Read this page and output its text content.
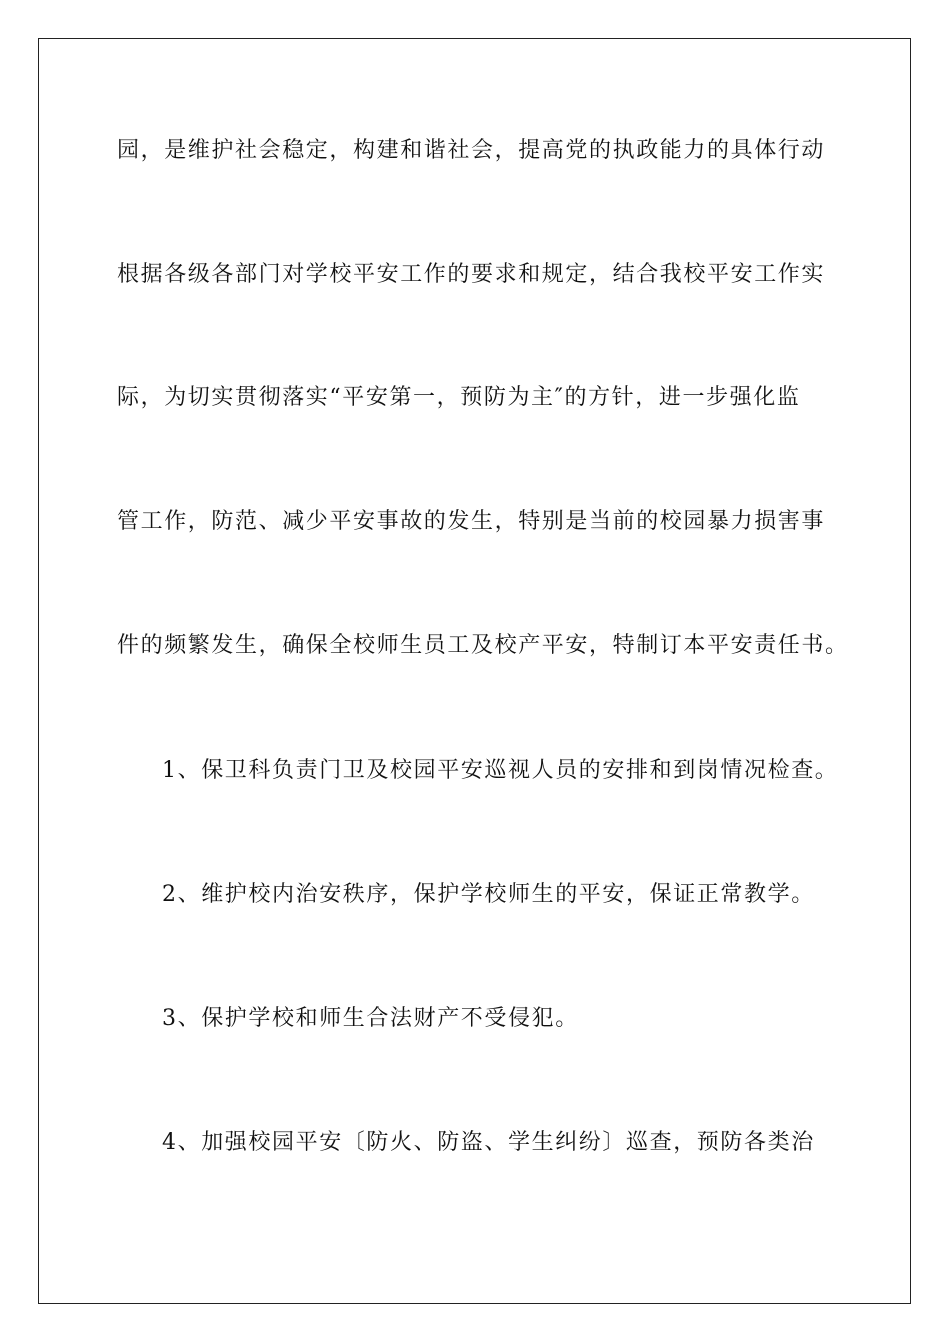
园，是维护社会稳定，构建和谐社会，提高党的执政能力的具体行动
根据各级各部门对学校平安工作的要求和规定，结合我校平安工作实
际，为切实贯彻落实“平安第一，预防为主″的方针，进一步强化监
管工作，防范、减少平安事故的发生，特别是当前的校园暴力损害事
件的频繁发生，确保全校师生员工及校产平安，特制订本平安责任书。
1、保卫科负责门卫及校园平安巡视人员的安排和到岗情况检查。
2、维护校内治安秩序，保护学校师生的平安，保证正常教学。
3、保护学校和师生合法财产不受侵犯。
4、加强校园平安〔防火、防盗、学生纠纷〕巡查，预防各类治
